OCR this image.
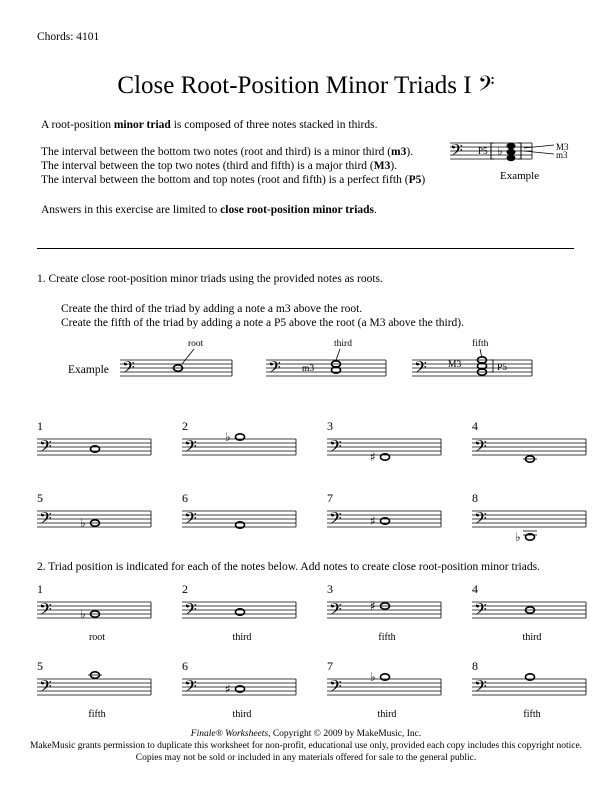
Chords: 4101
Close Root-Position Minor Triads I 𝄢
A root-position minor triad is composed of three notes stacked in thirds.
The interval between the bottom two notes (root and third) is a minor third (m3).
The interval between the top two notes (third and fifth) is a major third (M3).
The interval between the bottom and top notes (root and fifth) is a perfect fifth (P5)
Answers in this exercise are limited to close root-position minor triads.
𝄢 P5 ♭	M3
m3
Example
1. Create close root-position minor triads using the provided notes as roots.
Create the third of the triad by adding a note a m3 above the root.
Create the fifth of the triad by adding a note a P5 above the root (a M3 above the third).
Example 𝄢
root
𝄢
third
m3	𝄢
fifth
M3	P5
1
𝄢
2
𝄢 ♭
3
𝄢 ♯
4
𝄢
5
𝄢 ♭
6
𝄢
7
𝄢 ♯
8
𝄢
♭
2. Triad position is indicated for each of the notes below. Add notes to create close root-position minor triads.
1
𝄢 ♭
root
2
𝄢
third
3
𝄢 ♯
fifth
4
𝄢
third
5
𝄢
fifth
6
𝄢 ♯
third
7
𝄢 ♭
third
8
𝄢
fifth
Finale® Worksheets, Copyright © 2009 by MakeMusic, Inc.
MakeMusic grants permission to duplicate this worksheet for non-profit, educational use only, provided each copy includes this copyright notice.
Copies may not be sold or included in any materials offered for sale to the general public.
